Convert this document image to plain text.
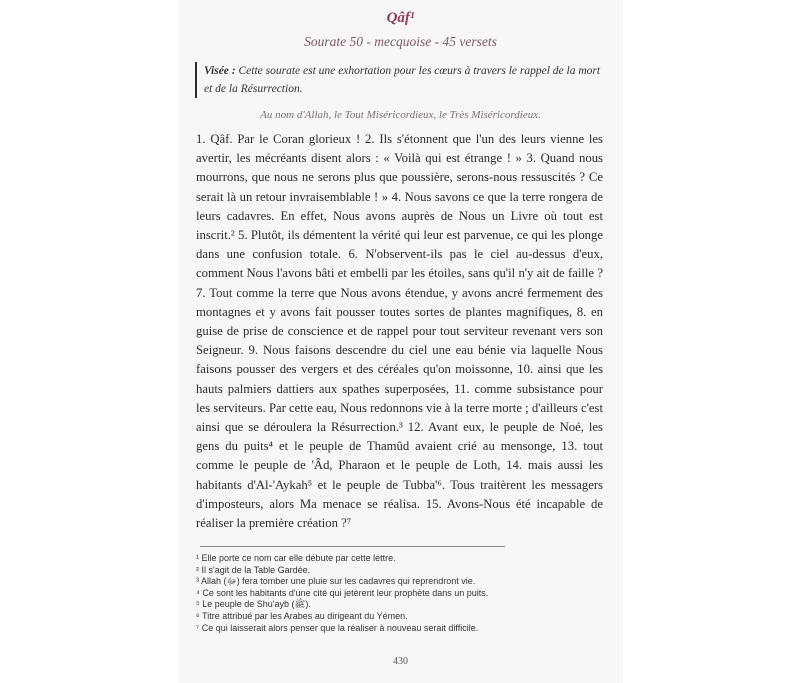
Qâf¹
Sourate 50 - mecquoise - 45 versets
Visée : Cette sourate est une exhortation pour les cœurs à travers le rappel de la mort et de la Résurrection.
Au nom d'Allah, le Tout Miséricordieux, le Très Miséricordieux.
1. Qâf. Par le Coran glorieux ! 2. Ils s'étonnent que l'un des leurs vienne les avertir, les mécréants disent alors : « Voilà qui est étrange ! » 3. Quand nous mourrons, que nous ne serons plus que poussière, serons-nous ressuscités ? Ce serait là un retour invraisemblable ! » 4. Nous savons ce que la terre rongera de leurs cadavres. En effet, Nous avons auprès de Nous un Livre où tout est inscrit.² 5. Plutôt, ils démentent la vérité qui leur est parvenue, ce qui les plonge dans une confusion totale. 6. N'observent-ils pas le ciel au-dessus d'eux, comment Nous l'avons bâti et embelli par les étoiles, sans qu'il n'y ait de faille ? 7. Tout comme la terre que Nous avons étendue, y avons ancré fermement des montagnes et y avons fait pousser toutes sortes de plantes magnifiques, 8. en guise de prise de conscience et de rappel pour tout serviteur revenant vers son Seigneur. 9. Nous faisons descendre du ciel une eau bénie via laquelle Nous faisons pousser des vergers et des céréales qu'on moissonne, 10. ainsi que les hauts palmiers dattiers aux spathes superposées, 11. comme subsistance pour les serviteurs. Par cette eau, Nous redonnons vie à la terre morte ; d'ailleurs c'est ainsi que se déroulera la Résurrection.³ 12. Avant eux, le peuple de Noé, les gens du puits⁴ et le peuple de Thamûd avaient crié au mensonge, 13. tout comme le peuple de 'Âd, Pharaon et le peuple de Loth, 14. mais aussi les habitants d'Al-'Aykah⁵ et le peuple de Tubba'⁶. Tous traitèrent les messagers d'imposteurs, alors Ma menace se réalisa. 15. Avons-Nous été incapable de réaliser la première création ?⁷
¹ Elle porte ce nom car elle débute par cette lettre.
² Il s'agit de la Table Gardée.
³ Allah (ﷻ) fera tomber une pluie sur les cadavres qui reprendront vie.
⁴ Ce sont les habitants d'une cité qui jetèrent leur prophète dans un puits.
⁵ Le peuple de Shu'ayb (ﷺ).
⁶ Titre attribué par les Arabes au dirigeant du Yémen.
⁷ Ce qui laisserait alors penser que la réaliser à nouveau serait difficile.
430
